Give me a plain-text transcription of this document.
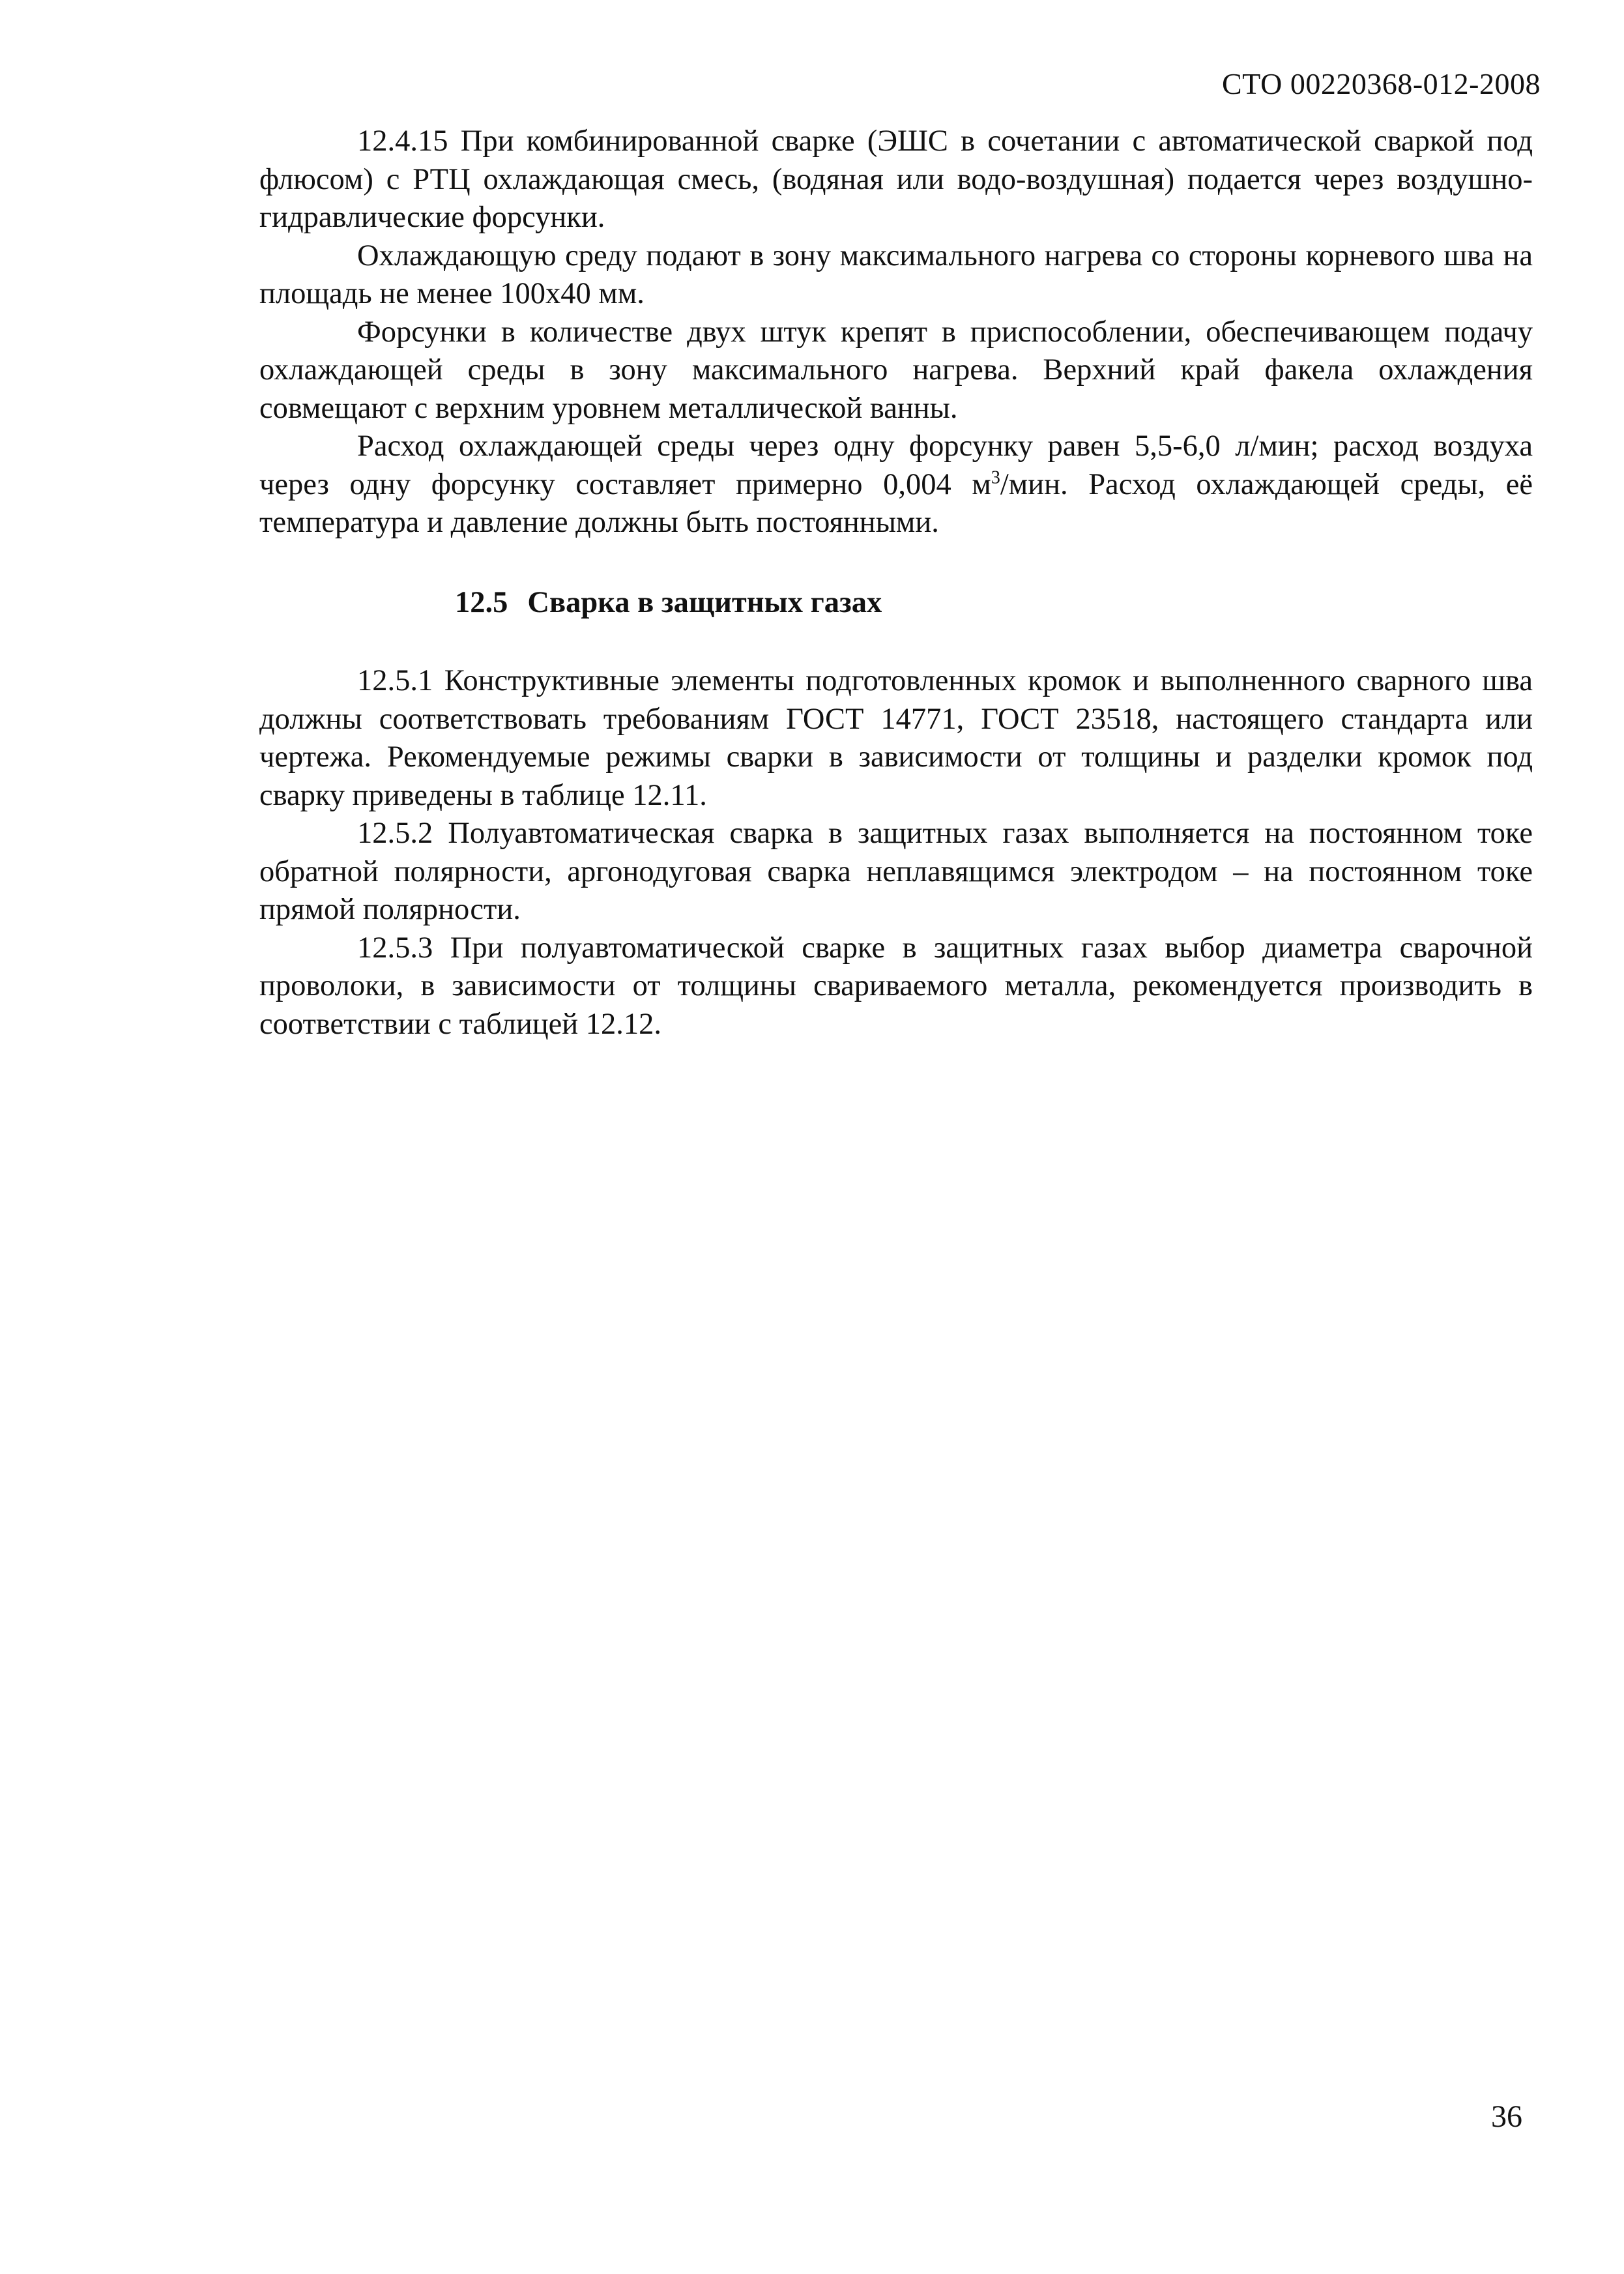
СТО 00220368-012-2008

12.4.15 При комбинированной сварке (ЭШС в сочетании с автоматической сваркой под флюсом) с РТЦ охлаждающая смесь, (водяная или водо-воздушная) подается через воздушно-гидравлические форсунки.

Охлаждающую среду подают в зону максимального нагрева со стороны корневого шва на площадь не менее 100х40 мм.

Форсунки в количестве двух штук крепят в приспособлении, обеспечивающем подачу охлаждающей среды в зону максимального нагрева. Верхний край факела охлаждения совмещают с верхним уровнем металлической ванны.

Расход охлаждающей среды через одну форсунку равен 5,5-6,0 л/мин; расход воздуха через одну форсунку составляет примерно 0,004 $м^3$/мин. Расход охлаждающей среды, её температура и давление должны быть постоянными.

12.5 Сварка в защитных газах

12.5.1 Конструктивные элементы подготовленных кромок и выполненного сварного шва должны соответствовать требованиям ГОСТ 14771, ГОСТ 23518, настоящего стандарта или чертежа. Рекомендуемые режимы сварки в зависимости от толщины и разделки кромок под сварку приведены в таблице 12.11.

12.5.2 Полуавтоматическая сварка в защитных газах выполняется на постоянном токе обратной полярности, аргонодуговая сварка неплавящимся электродом – на постоянном токе прямой полярности.

12.5.3 При полуавтоматической сварке в защитных газах выбор диаметра сварочной проволоки, в зависимости от толщины свариваемого металла, рекомендуется производить в соответствии с таблицей 12.12.

36
